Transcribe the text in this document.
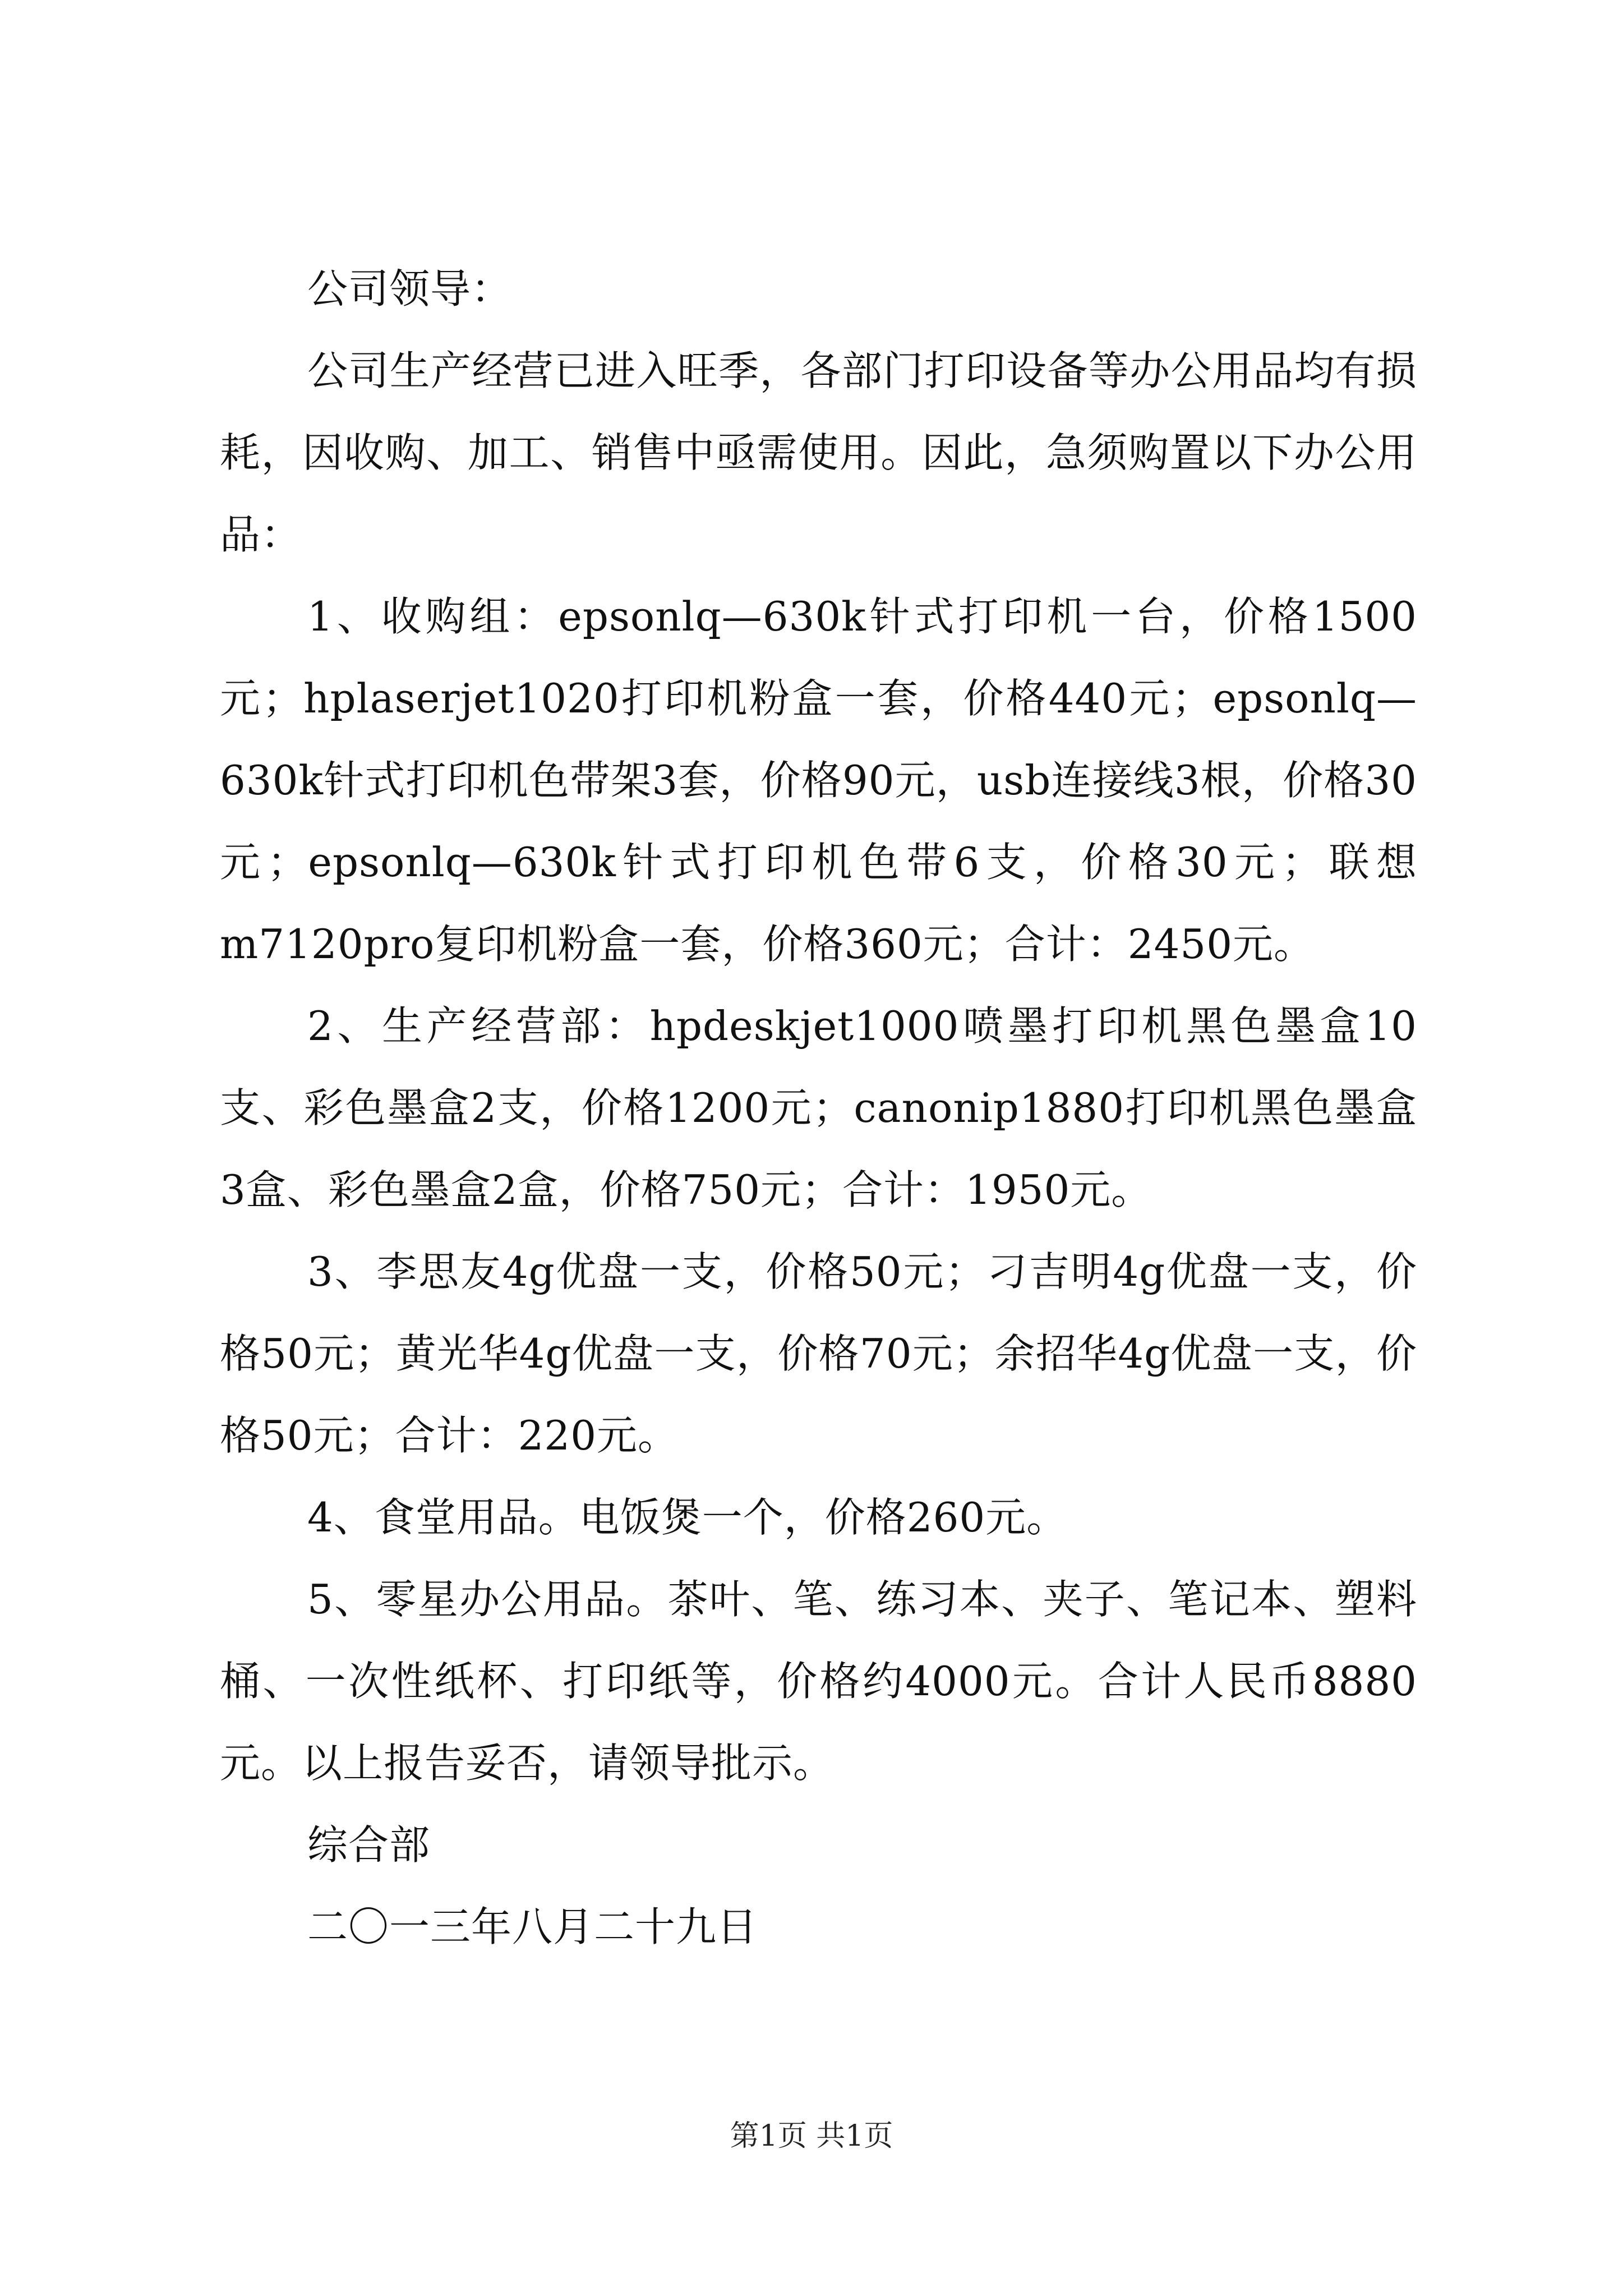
公司领导：

公司生产经营已进入旺季，各部门打印设备等办公用品均有损耗，因收购、加工、销售中亟需使用。因此，急须购置以下办公用品：

1、收购组：epsonlq—630k针式打印机一台，价格1500元；hplaserjet1020打印机粉盒一套，价格440元；epsonlq—630k针式打印机色带架3套，价格90元，usb连接线3根，价格30元；epsonlq—630k针式打印机色带6支，价格30元；联想m7120pro复印机粉盒一套，价格360元；合计：2450元。

2、生产经营部：hpdeskjet1000喷墨打印机黑色墨盒10支、彩色墨盒2支，价格1200元；canonip1880打印机黑色墨盒3盒、彩色墨盒2盒，价格750元；合计：1950元。

3、李思友4g优盘一支，价格50元；刁吉明4g优盘一支，价格50元；黄光华4g优盘一支，价格70元；余招华4g优盘一支，价格50元；合计：220元。

4、食堂用品。电饭煲一个，价格260元。

5、零星办公用品。茶叶、笔、练习本、夹子、笔记本、塑料桶、一次性纸杯、打印纸等，价格约4000元。合计人民币8880元。以上报告妥否，请领导批示。

综合部

二〇一三年八月二十九日

第1页 共1页
